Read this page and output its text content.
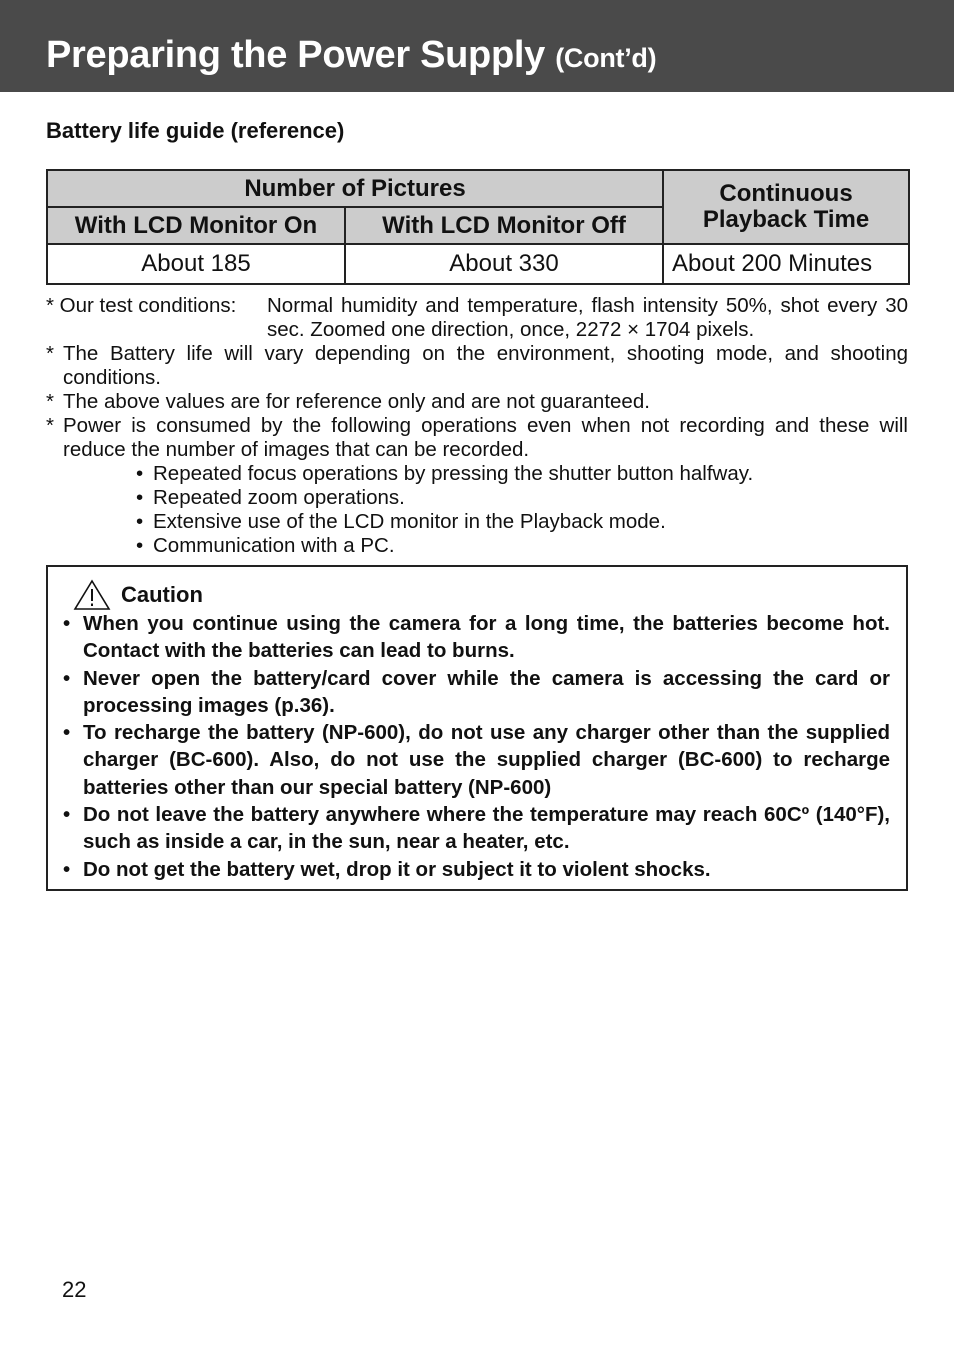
Preparing the Power Supply (Cont’d)
Battery life guide (reference)
Number of Pictures		Continuous Playback Time
With LCD Monitor On	With LCD Monitor Off	
About 185	About 330	About 200 Minutes
* Our test conditions:	Normal humidity and temperature, flash intensity 50%, shot every 30 sec. Zoomed one direction, once, 2272 × 1704 pixels.
* The Battery life will vary depending on the environment, shooting mode, and shooting conditions.
* The above values are for reference only and are not guaranteed.
* Power is consumed by the following operations even when not recording and these will reduce the number of images that can be recorded.
• Repeated focus operations by pressing the shutter button halfway.
• Repeated zoom operations.
• Extensive use of the LCD monitor in the Playback mode.
• Communication with a PC.
Caution
• When you continue using the camera for a long time, the batteries become hot. Contact with the batteries can lead to burns.
• Never open the battery/card cover while the camera is accessing the card or processing images (p.36).
• To recharge the battery (NP-600), do not use any charger other than the supplied charger (BC-600). Also, do not use the supplied charger (BC-600) to recharge batteries other than our special battery (NP-600)
• Do not leave the battery anywhere where the temperature may reach 60Cº (140°F), such as inside a car, in the sun, near a heater, etc.
• Do not get the battery wet, drop it or subject it to violent shocks.
22
